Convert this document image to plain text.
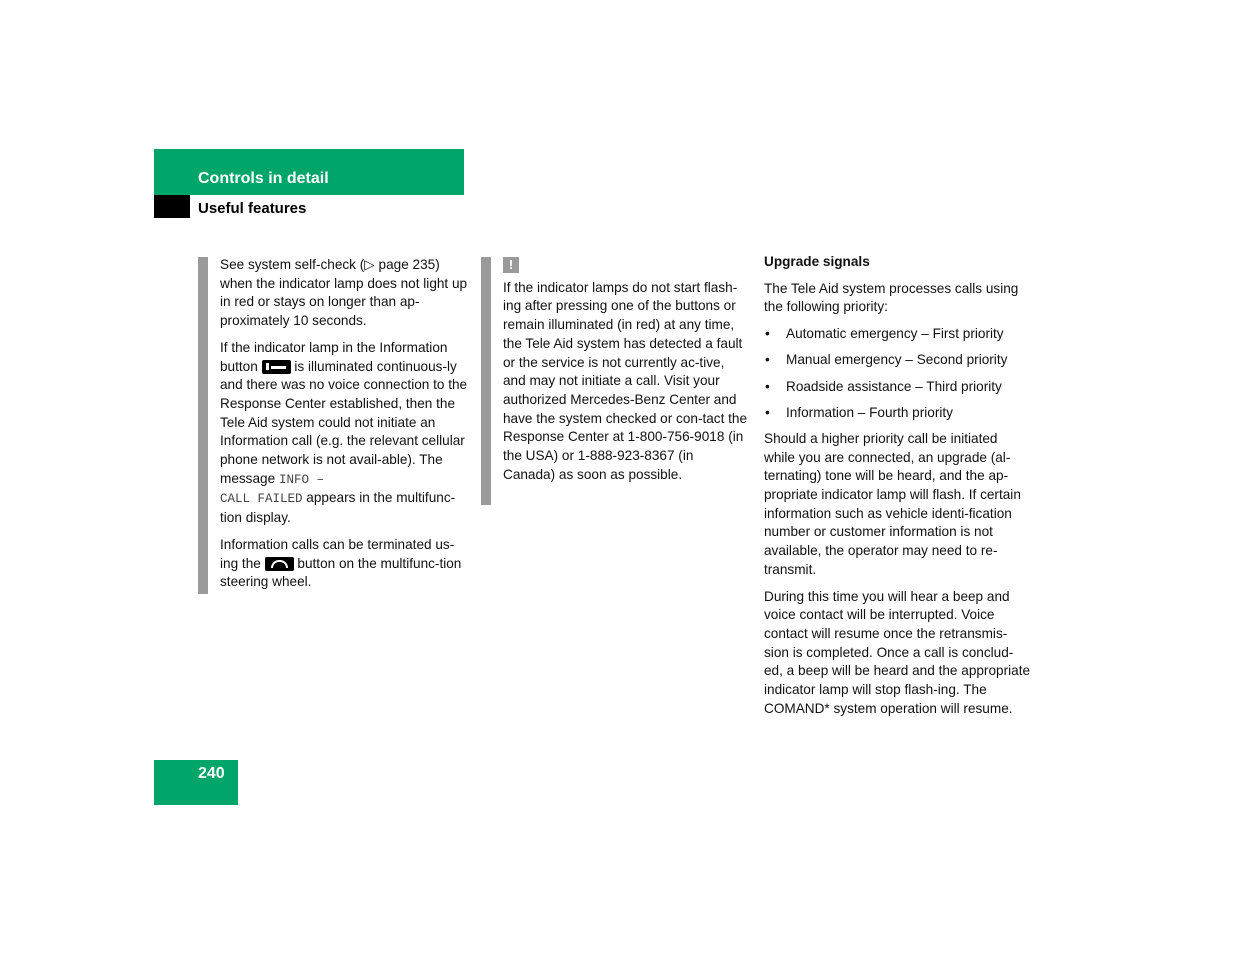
Controls in detail
Useful features

See system self-check (▷ page 235) when the indicator lamp does not light up in red or stays on longer than ap-proximately 10 seconds.

If the indicator lamp in the Information button	is illuminated continuous-ly and there was no voice connection to the Response Center established, then the Tele Aid system could not initiate an Information call (e.g. the relevant cellular phone network is not avail-able). The message INFO –
CALL FAILED appears in the multifunc-tion display.

Information calls can be terminated us-ing the	button on the multifunc-tion steering wheel.

!

If the indicator lamps do not start flash-ing after pressing one of the buttons or remain illuminated (in red) at any time, the Tele Aid system has detected a fault or the service is not currently ac-tive, and may not initiate a call. Visit your authorized Mercedes-Benz Center and have the system checked or con-tact the Response Center at 1-800-756-9018 (in the USA) or 1-888-923-8367 (in Canada) as soon as possible.

Upgrade signals

The Tele Aid system processes calls using the following priority:

• Automatic emergency – First priority
• Manual emergency – Second priority
• Roadside assistance – Third priority
• Information – Fourth priority

Should a higher priority call be initiated while you are connected, an upgrade (al-ternating) tone will be heard, and the ap-propriate indicator lamp will flash. If certain information such as vehicle identi-fication number or customer information is not available, the operator may need to re-transmit.

During this time you will hear a beep and voice contact will be interrupted. Voice contact will resume once the retransmis-sion is completed. Once a call is conclud-ed, a beep will be heard and the appropriate indicator lamp will stop flash-ing. The COMAND* system operation will resume.

240
